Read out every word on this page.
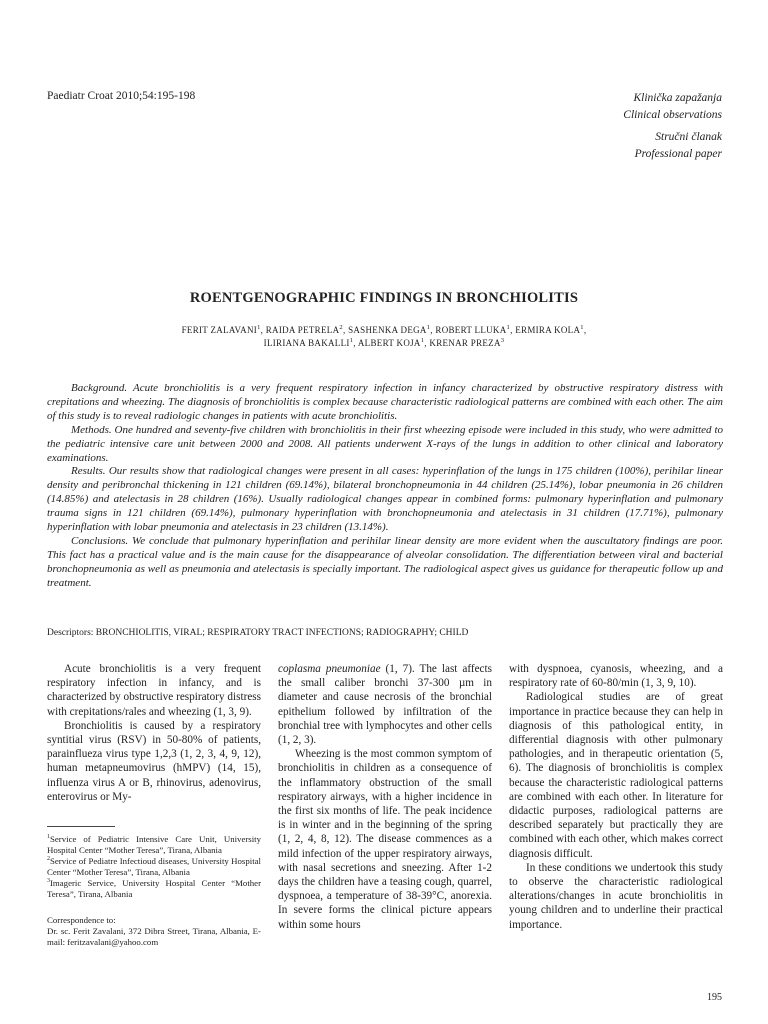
Paediatr Croat 2010;54:195-198	Klinička zapažanja
Clinical observations
Stručni članak
Professional paper
ROENTGENOGRAPHIC FINDINGS IN BRONCHIOLITIS
FERIT ZALAVANI$^1$, RAIDA PETRELA$^2$, SASHENKA DEGA$^1$, ROBERT LLUKA$^1$, ERMIRA KOLA$^1$,
ILIRIANA BAKALLI$^1$, ALBERT KOJA$^1$, KRENAR PREZA$^3$

Background. Acute bronchiolitis is a very frequent respiratory infection in infancy characterized by obstructive respiratory distress with crepitations and wheezing. The diagnosis of bronchiolitis is complex because characteristic radiological patterns are combined with each other. The aim of this study is to reveal radiologic changes in patients with acute bronchiolitis.

Methods. One hundred and seventy-five children with bronchiolitis in their first wheezing episode were included in this study, who were admitted to the pediatric intensive care unit between 2000 and 2008. All patients underwent X-rays of the lungs in addition to other clinical and laboratory examinations.

Results. Our results show that radiological changes were present in all cases: hyperinflation of the lungs in 175 children (100%), perihilar linear density and peribronchal thickening in 121 children (69.14%), bilateral bronchopneumonia in 44 children (25.14%), lobar pneumonia in 26 children (14.85%) and atelectasis in 28 children (16%). Usually radiological changes appear in combined forms: pulmonary hyperinflation and pulmonary trauma signs in 121 children (69.14%), pulmonary hyperinflation with bronchopneumonia and atelectasis in 31 children (17.71%), pulmonary hyperinflation with lobar pneumonia and atelectasis in 23 children (13.14%).

Conclusions. We conclude that pulmonary hyperinflation and perihilar linear density are more evident when the auscultatory findings are poor. This fact has a practical value and is the main cause for the disappearance of alveolar consolidation. The differentiation between viral and bacterial bronchopneumonia as well as pneumonia and atelectasis is specially important. The radiological aspect gives us guidance for therapeutic follow up and treatment.

Descriptors: BRONCHIOLITIS, VIRAL; RESPIRATORY TRACT INFECTIONS; RADIOGRAPHY; CHILD

Acute bronchiolitis is a very frequent respiratory infection in infancy, and is characterized by obstructive respiratory distress with crepitations/rales and wheezing (1, 3, 9).

Bronchiolitis is caused by a respiratory syntitial virus (RSV) in 50-80% of patients, parainflueza virus type 1,2,3 (1, 2, 3, 4, 9, 12), human metapneumovirus (hMPV) (14, 15), influenza virus A or B, rhinovirus, adenovirus, enterovirus or My-

$^1$Service of Pediatric Intensive Care Unit, University Hospital Center “Mother Teresa”, Tirana, Albania

$^2$Service of Pediatre Infectioud diseases, University Hospital Center “Mother Teresa”, Tirana, Albania

$^3$Imageric Service, University Hospital Center “Mother Teresa”, Tirana, Albania

Correspondence to:

Dr. sc. Ferit Zavalani, 372 Dibra Street, Tirana, Albania, E-mail: feritzavalani@yahoo.com

coplasma pneumoniae (1, 7). The last affects the small caliber bronchi 37-300 µm in diameter and cause necrosis of the bronchial epithelium followed by infiltration of the bronchial tree with lymphocytes and other cells (1, 2, 3).

Wheezing is the most common symptom of bronchiolitis in children as a consequence of the inflammatory obstruction of the small respiratory airways, with a higher incidence in the first six months of life. The peak incidence is in winter and in the beginning of the spring (1, 2, 4, 8, 12). The disease commences as a mild infection of the upper respiratory airways, with nasal secretions and sneezing. After 1-2 days the children have a teasing cough, quarrel, dyspnoea, a temperature of 38-39°C, anorexia. In severe forms the clinical picture appears within some hours

with dyspnoea, cyanosis, wheezing, and a respiratory rate of 60-80/min (1, 3, 9, 10).

Radiological studies are of great importance in practice because they can help in diagnosis of this pathological entity, in differential diagnosis with other pulmonary pathologies, and in therapeutic orientation (5, 6). The diagnosis of bronchiolitis is complex because the characteristic radiological patterns are combined with each other. In literature for didactic purposes, radiological patterns are described separately but practically they are combined with each other, which makes correct diagnosis difficult.

In these conditions we undertook this study to observe the characteristic radiological alterations/changes in acute bronchiolitis in young children and to underline their practical importance.

195
